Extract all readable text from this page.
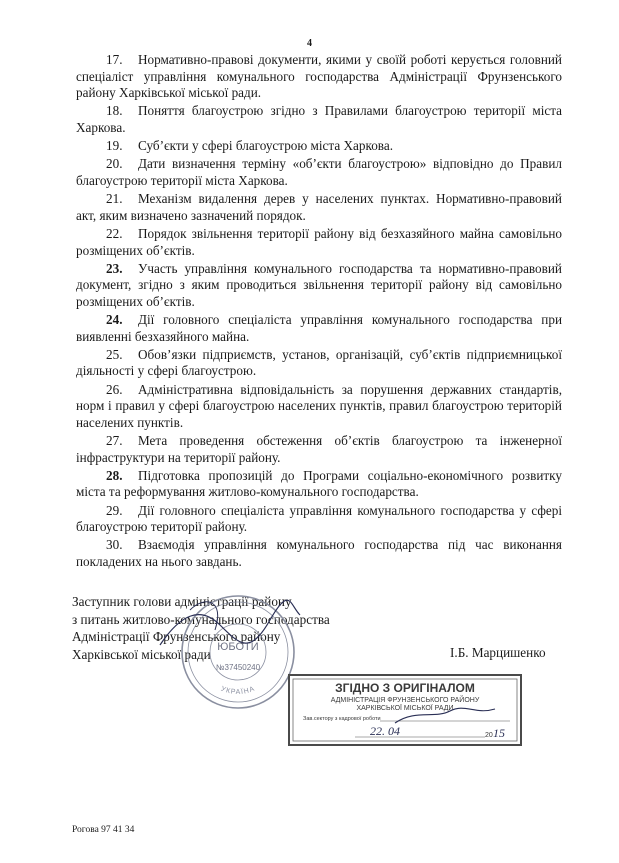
4

17. Нормативно-правові документи, якими у своїй роботі керується головний спеціаліст управління комунального господарства Адміністрації Фрунзенського району Харківської міської ради.

18. Поняття благоустрою згідно з Правилами благоустрою території міста Харкова.

19. Суб’єкти у сфері благоустрою міста Харкова.

20. Дати визначення терміну «об’єкти благоустрою» відповідно до Правил благоустрою території міста Харкова.

21. Механізм видалення дерев у населених пунктах. Нормативно-правовий акт, яким визначено зазначений порядок.

22. Порядок звільнення території району від безхазяйного майна самовільно розміщених об’єктів.

23. Участь управління комунального господарства та нормативно-правовий документ, згідно з яким проводиться звільнення території району від самовільно розміщених об’єктів.

24. Дії головного спеціаліста управління комунального господарства при виявленні безхазяйного майна.

25. Обов’язки підприємств, установ, організацій, суб’єктів підприємницької діяльності у сфері благоустрою.

26. Адміністративна відповідальність за порушення державних стандартів, норм і правил у сфері благоустрою населених пунктів, правил благоустрою територій населених пунктів.

27. Мета проведення обстеження об’єктів благоустрою та інженерної інфраструктури на території району.

28. Підготовка пропозицій до Програми соціально-економічного розвитку міста та реформування житлово-комунального господарства.

29. Дії головного спеціаліста управління комунального господарства у сфері благоустрою території району.

30. Взаємодія управління комунального господарства під час виконання покладених на нього завдань.

Заступник голови адміністрації району
з питань житлово-комунального господарства
Адміністрації Фрунзенського району
Харківської міської ради	І.Б. Марцишенко
ЮБОТИ
№37450240
УКРАЇНА	ЗГІДНО З ОРИГІНАЛОМ
АДМІНІСТРАЦІЯ ФРУНЗЕНСЬКОГО РАЙОНУ
ХАРКІВСЬКОЇ МІСЬКОЇ РАДИ
Зав.сектору з кадрової роботи
22. 04	20 15
Рогова 97 41 34
